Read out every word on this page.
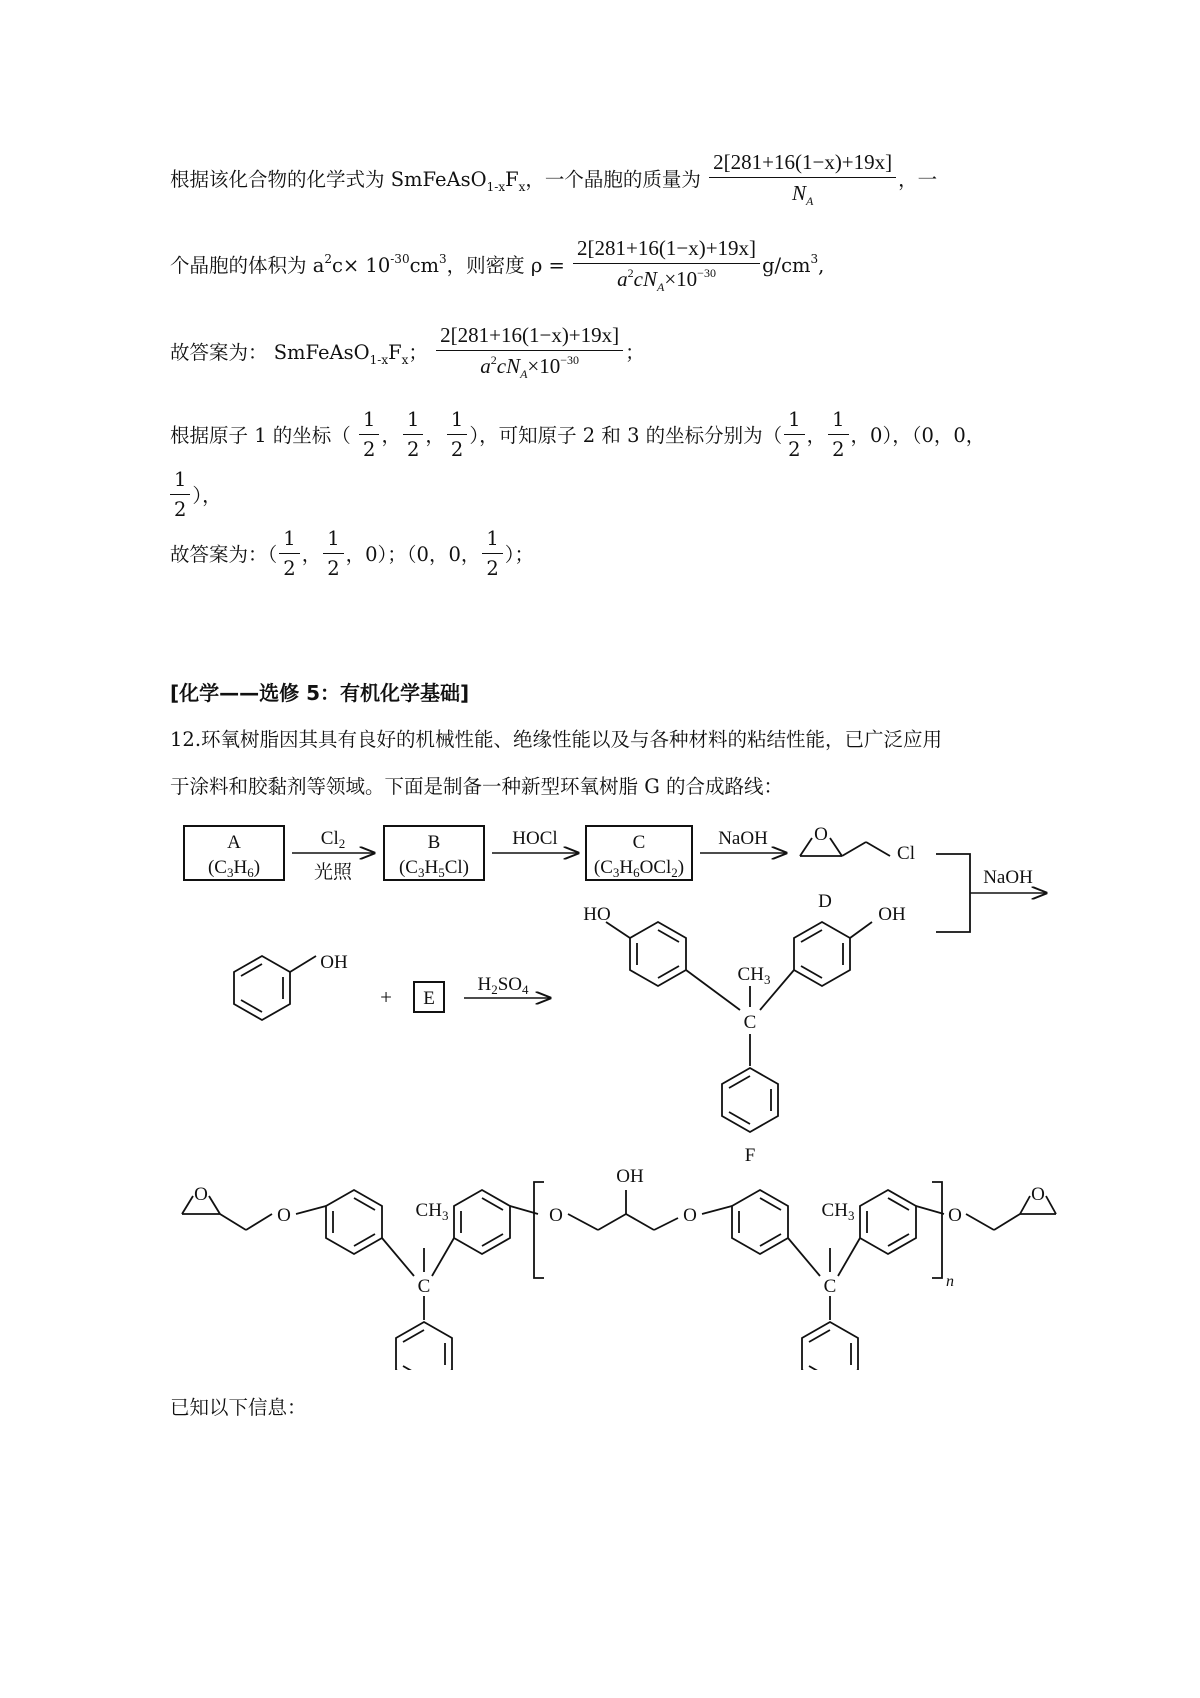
根据该化合物的化学式为 $SmFeAsO_{1-x}F_x$，一个晶胞的质量为 $\frac{2[281+16(1-x)+19x]}{N_A}$ ，一
个晶胞的体积为 $a_2c\times 10_{-30}cm_3$，则密度 $\rho = \frac{2[281+16(1-x)+19x]}{a^2cN_A\times 10^{-30}} g/cm_3$,
故答案为： $SmFeAsO_{1-x}F_x$； $\frac{2[281+16(1-x)+19x]}{a^2cN_A\times 10^{-30}}$ ；
根据原子 1 的坐标（ $\frac{1}{2}$ ， $\frac{1}{2}$ ， $\frac{1}{2}$ ），可知原子 2 和 3 的坐标分别为（ $\frac{1}{2}$ ， $\frac{1}{2}$ ，0），（0，0，
$\frac{1}{2}$ ），
故答案为：（ $\frac{1}{2}$ ， $\frac{1}{2}$ ，0）；（0，0， $\frac{1}{2}$ ）；
[化学——选修 5：有机化学基础]
12.环氧树脂因其具有良好的机械性能、绝缘性能以及与各种材料的粘结性能，已广泛应用
于涂料和胶黏剂等领域。下面是制备一种新型环氧树脂 G 的合成路线：
A
$(C_3H_6)$
$Cl_2$
光照
B
$(C_3H_5Cl)$
HOCl	C
$(C_3H_6OCl_2)$
NaOH O
Cl
D
NaOH
OH
+ E
$H_2SO_4$
HO	OH
$CH_3$
C
F
O
O	$CH_3$
C
O
OH
O	$CH_3$
C	n
O
O
已知以下信息：
